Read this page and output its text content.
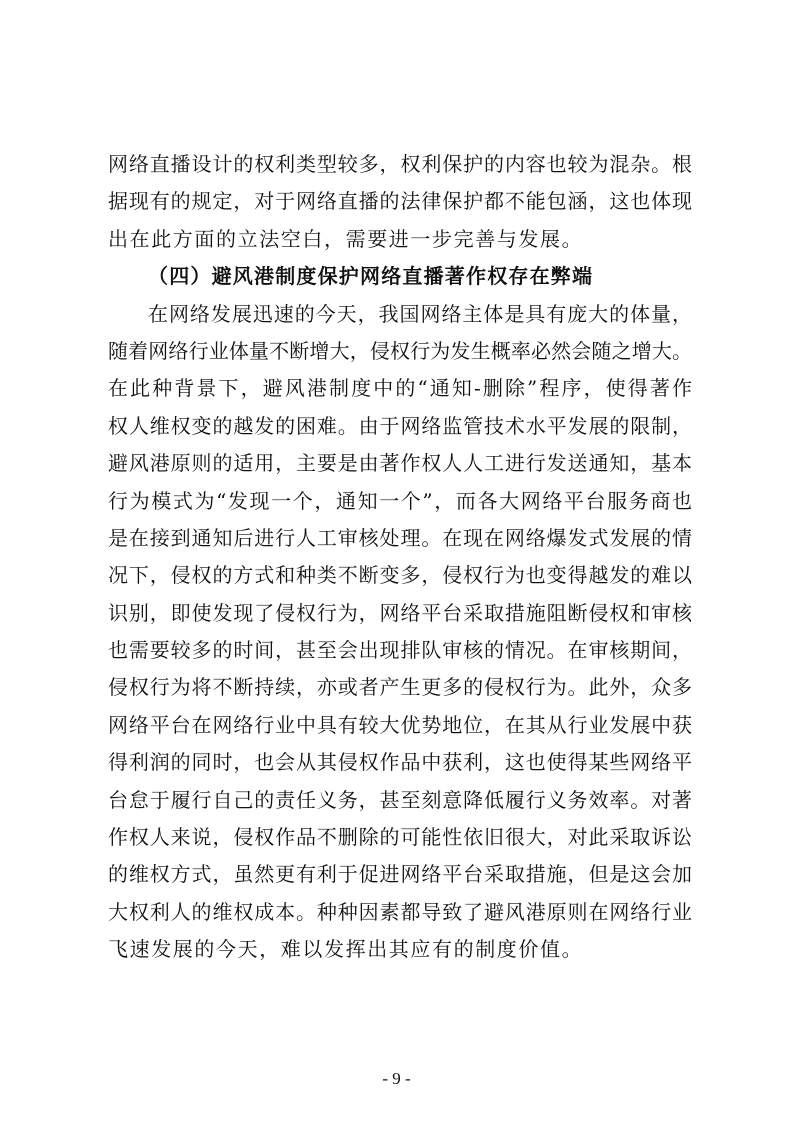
网络直播设计的权利类型较多，权利保护的内容也较为混杂。根
据现有的规定，对于网络直播的法律保护都不能包涵，这也体现
出在此方面的立法空白，需要进一步完善与发展。
（四）避风港制度保护网络直播著作权存在弊端
在网络发展迅速的今天，我国网络主体是具有庞大的体量，
随着网络行业体量不断增大，侵权行为发生概率必然会随之增大。
在此种背景下，避风港制度中的“通知-删除”程序，使得著作
权人维权变的越发的困难。由于网络监管技术水平发展的限制，
避风港原则的适用，主要是由著作权人人工进行发送通知，基本
行为模式为“发现一个，通知一个”，而各大网络平台服务商也
是在接到通知后进行人工审核处理。在现在网络爆发式发展的情
况下，侵权的方式和种类不断变多，侵权行为也变得越发的难以
识别，即使发现了侵权行为，网络平台采取措施阻断侵权和审核
也需要较多的时间，甚至会出现排队审核的情况。在审核期间，
侵权行为将不断持续，亦或者产生更多的侵权行为。此外，众多
网络平台在网络行业中具有较大优势地位，在其从行业发展中获
得利润的同时，也会从其侵权作品中获利，这也使得某些网络平
台怠于履行自己的责任义务，甚至刻意降低履行义务效率。对著
作权人来说，侵权作品不删除的可能性依旧很大，对此采取诉讼
的维权方式，虽然更有利于促进网络平台采取措施，但是这会加
大权利人的维权成本。种种因素都导致了避风港原则在网络行业
飞速发展的今天，难以发挥出其应有的制度价值。
- 9 -
